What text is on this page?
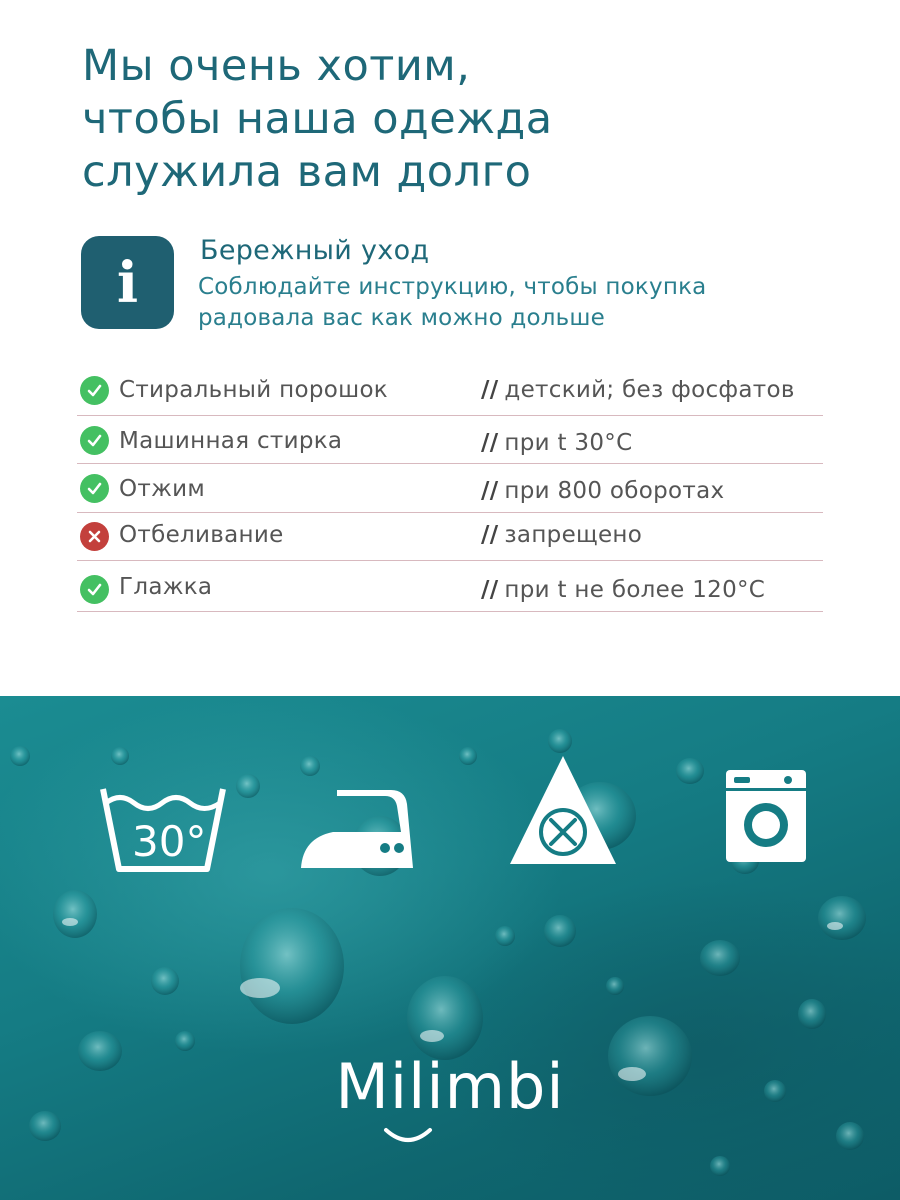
Мы очень хотим,
чтобы наша одежда
служила вам долго
i Бережный уход
Соблюдайте инструкцию, чтобы покупка
радовала вас как можно дольше
Стиральный порошок	// детский; без фосфатов
Машинная стирка	// при t 30°C
Отжим	// при 800 оборотах
Отбеливание	// запрещено
Глажка	// при t не более 120°C
30°
Milimbi
